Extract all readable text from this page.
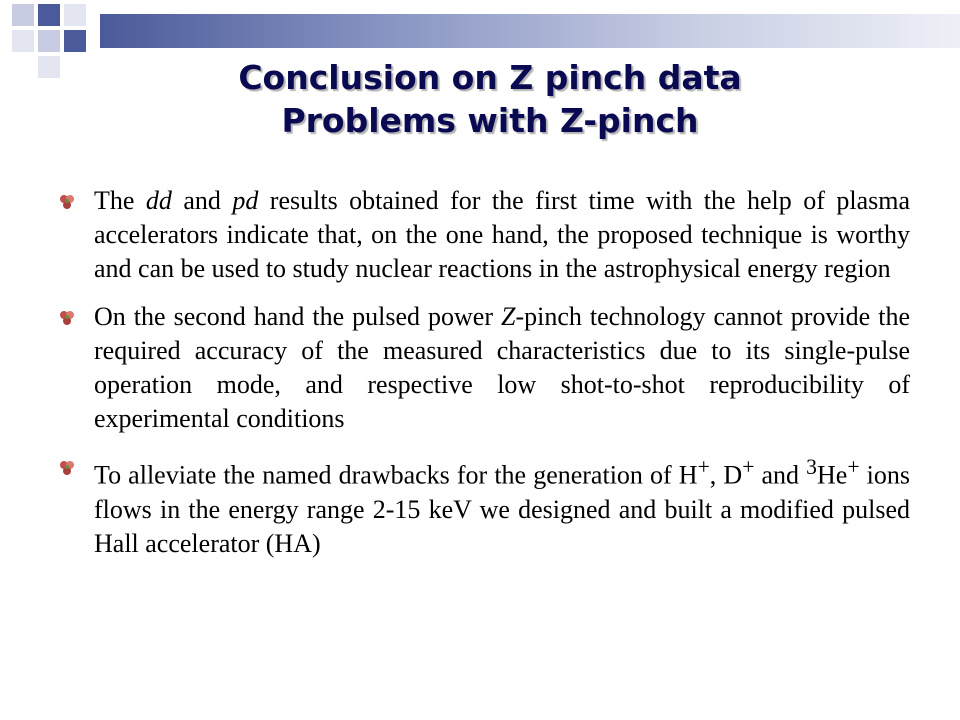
Conclusion on Z pinch data
Problems with Z-pinch
The dd and pd results obtained for the first time with the help of plasma accelerators indicate that, on the one hand, the proposed technique is worthy and can be used to study nuclear reactions in the astrophysical energy region
On the second hand the pulsed power Z-pinch technology cannot provide the required accuracy of the measured characteristics due to its single-pulse operation mode, and respective low shot-to-shot reproducibility of experimental conditions
To alleviate the named drawbacks for the generation of H+, D+ and $^3$He+ ions flows in the energy range 2-15 keV we designed and built a modified pulsed Hall accelerator (HA)
